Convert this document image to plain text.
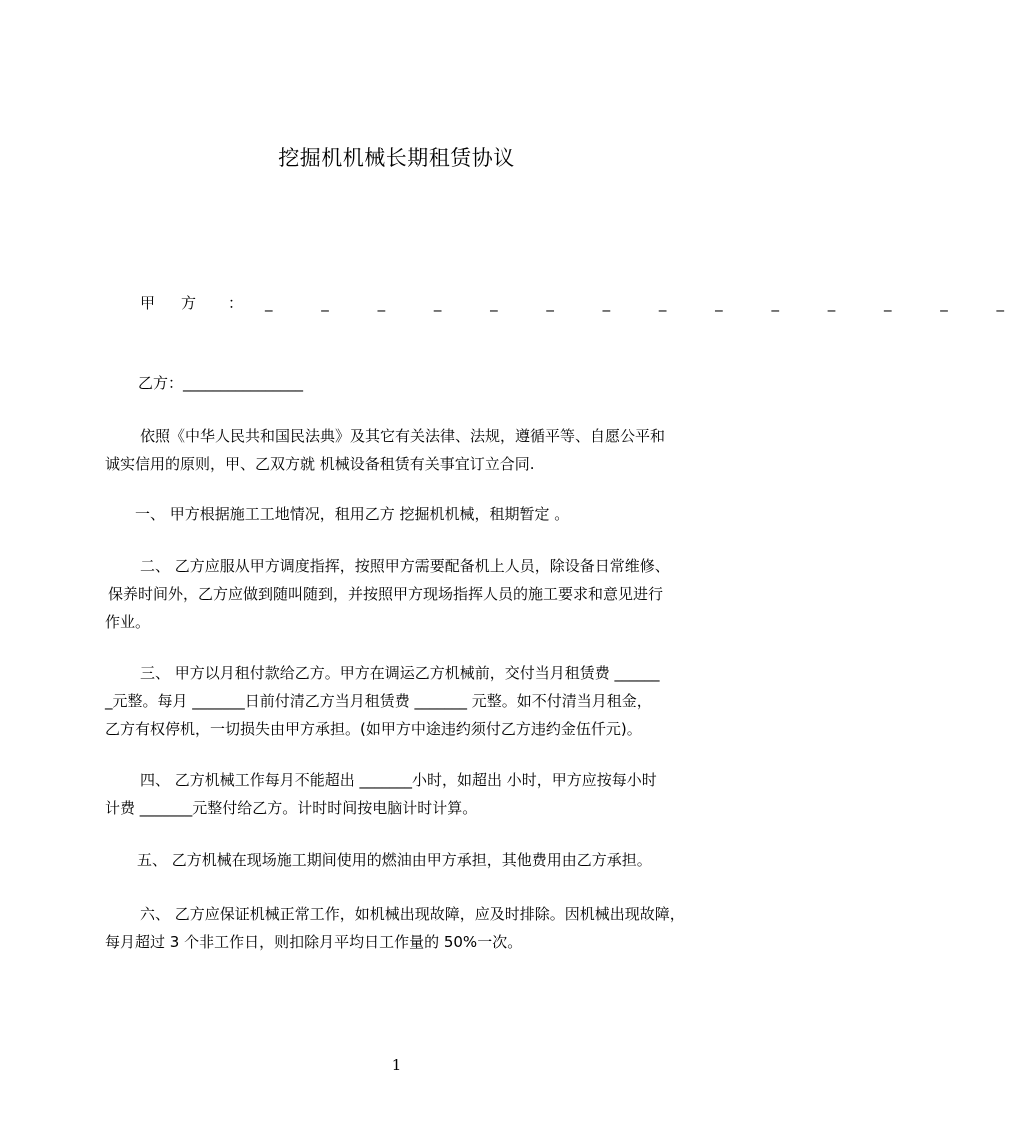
挖掘机机械长期租赁协议
甲方 ： _ _ _ _ _ _ _ _ _ _ _ _ _ _
乙方：________________
依照《中华人民共和国民法典》及其它有关法律、法规，遵循平等、自愿公平和
诚实信用的原则，甲、乙双方就 机械设备租赁有关事宜订立合同.
一、 甲方根据施工工地情况，租用乙方 挖掘机机械，租期暂定 。
二、 乙方应服从甲方调度指挥，按照甲方需要配备机上人员，除设备日常维修、
保养时间外，乙方应做到随叫随到，并按照甲方现场指挥人员的施工要求和意见进行
作业。
三、 甲方以月租付款给乙方。甲方在调运乙方机械前，交付当月租赁费 ______
_元整。每月 _______日前付清乙方当月租赁费 _______ 元整。如不付清当月租金，
乙方有权停机，一切损失由甲方承担。(如甲方中途违约须付乙方违约金伍仟元)。
四、 乙方机械工作每月不能超出 _______小时，如超出 小时，甲方应按每小时
计费 _______元整付给乙方。计时时间按电脑计时计算。
五、 乙方机械在现场施工期间使用的燃油由甲方承担，其他费用由乙方承担。
六、 乙方应保证机械正常工作，如机械出现故障，应及时排除。因机械出现故障，
每月超过 3 个非工作日，则扣除月平均日工作量的 50%一次。
1
